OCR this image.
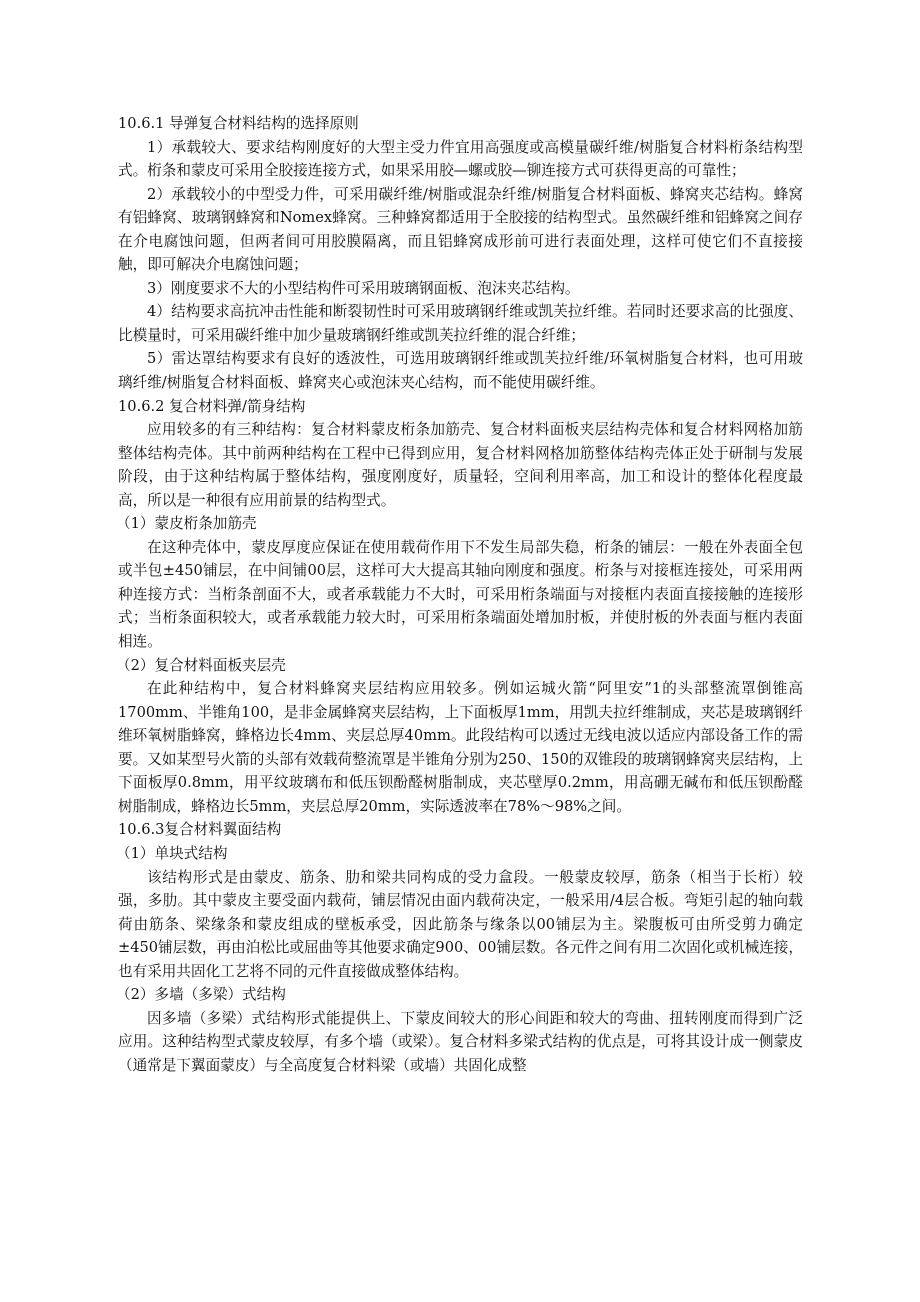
10.6.1 导弹复合材料结构的选择原则

1）承载较大、要求结构刚度好的大型主受力件宜用高强度或高模量碳纤维/树脂复合材料桁条结构型式。桁条和蒙皮可采用全胶接连接方式，如果采用胶—螺或胶—铆连接方式可获得更高的可靠性；

2）承载较小的中型受力件，可采用碳纤维/树脂或混杂纤维/树脂复合材料面板、蜂窝夹芯结构。蜂窝有铝蜂窝、玻璃钢蜂窝和Nomex蜂窝。三种蜂窝都适用于全胶接的结构型式。虽然碳纤维和铝蜂窝之间存在介电腐蚀问题，但两者间可用胶膜隔离，而且铝蜂窝成形前可进行表面处理，这样可使它们不直接接触，即可解决介电腐蚀问题；

3）刚度要求不大的小型结构件可采用玻璃钢面板、泡沫夹芯结构。

4）结构要求高抗冲击性能和断裂韧性时可采用玻璃钢纤维或凯芙拉纤维。若同时还要求高的比强度、比模量时，可采用碳纤维中加少量玻璃钢纤维或凯芙拉纤维的混合纤维；

5）雷达罩结构要求有良好的透波性，可选用玻璃钢纤维或凯芙拉纤维/环氧树脂复合材料，也可用玻璃纤维/树脂复合材料面板、蜂窝夹心或泡沫夹心结构，而不能使用碳纤维。

10.6.2 复合材料弹/箭身结构

应用较多的有三种结构：复合材料蒙皮桁条加筋壳、复合材料面板夹层结构壳体和复合材料网格加筋整体结构壳体。其中前两种结构在工程中已得到应用，复合材料网格加筋整体结构壳体正处于研制与发展阶段，由于这种结构属于整体结构，强度刚度好，质量轻，空间利用率高，加工和设计的整体化程度最高，所以是一种很有应用前景的结构型式。

（1）蒙皮桁条加筋壳

在这种壳体中，蒙皮厚度应保证在使用载荷作用下不发生局部失稳，桁条的铺层：一般在外表面全包或半包±450铺层，在中间铺00层，这样可大大提高其轴向刚度和强度。桁条与对接框连接处，可采用两种连接方式：当桁条剖面不大，或者承载能力不大时，可采用桁条端面与对接框内表面直接接触的连接形式；当桁条面积较大，或者承载能力较大时，可采用桁条端面处增加肘板，并使肘板的外表面与框内表面相连。

（2）复合材料面板夹层壳

在此种结构中，复合材料蜂窝夹层结构应用较多。例如运城火箭“阿里安”1的头部整流罩倒锥高1700mm、半锥角100，是非金属蜂窝夹层结构，上下面板厚1mm，用凯夫拉纤维制成，夹芯是玻璃钢纤维环氧树脂蜂窝，蜂格边长4mm、夹层总厚40mm。此段结构可以透过无线电波以适应内部设备工作的需要。又如某型号火箭的头部有效载荷整流罩是半锥角分别为250、150的双锥段的玻璃钢蜂窝夹层结构，上下面板厚0.8mm，用平纹玻璃布和低压钡酚醛树脂制成，夹芯壁厚0.2mm，用高硼无碱布和低压钡酚醛树脂制成，蜂格边长5mm，夹层总厚20mm，实际透波率在78%～98%之间。

10.6.3复合材料翼面结构

（1）单块式结构

该结构形式是由蒙皮、筋条、肋和梁共同构成的受力盒段。一般蒙皮较厚，筋条（相当于长桁）较强，多肋。其中蒙皮主要受面内载荷，铺层情况由面内载荷决定，一般采用/4层合板。弯矩引起的轴向载荷由筋条、梁缘条和蒙皮组成的壁板承受，因此筋条与缘条以00铺层为主。梁腹板可由所受剪力确定±450铺层数，再由泊松比或屈曲等其他要求确定900、00铺层数。各元件之间有用二次固化或机械连接，也有采用共固化工艺将不同的元件直接做成整体结构。

（2）多墙（多梁）式结构

因多墙（多梁）式结构形式能提供上、下蒙皮间较大的形心间距和较大的弯曲、扭转刚度而得到广泛应用。这种结构型式蒙皮较厚，有多个墙（或梁）。复合材料多梁式结构的优点是，可将其设计成一侧蒙皮（通常是下翼面蒙皮）与全高度复合材料梁（或墙）共固化成整
